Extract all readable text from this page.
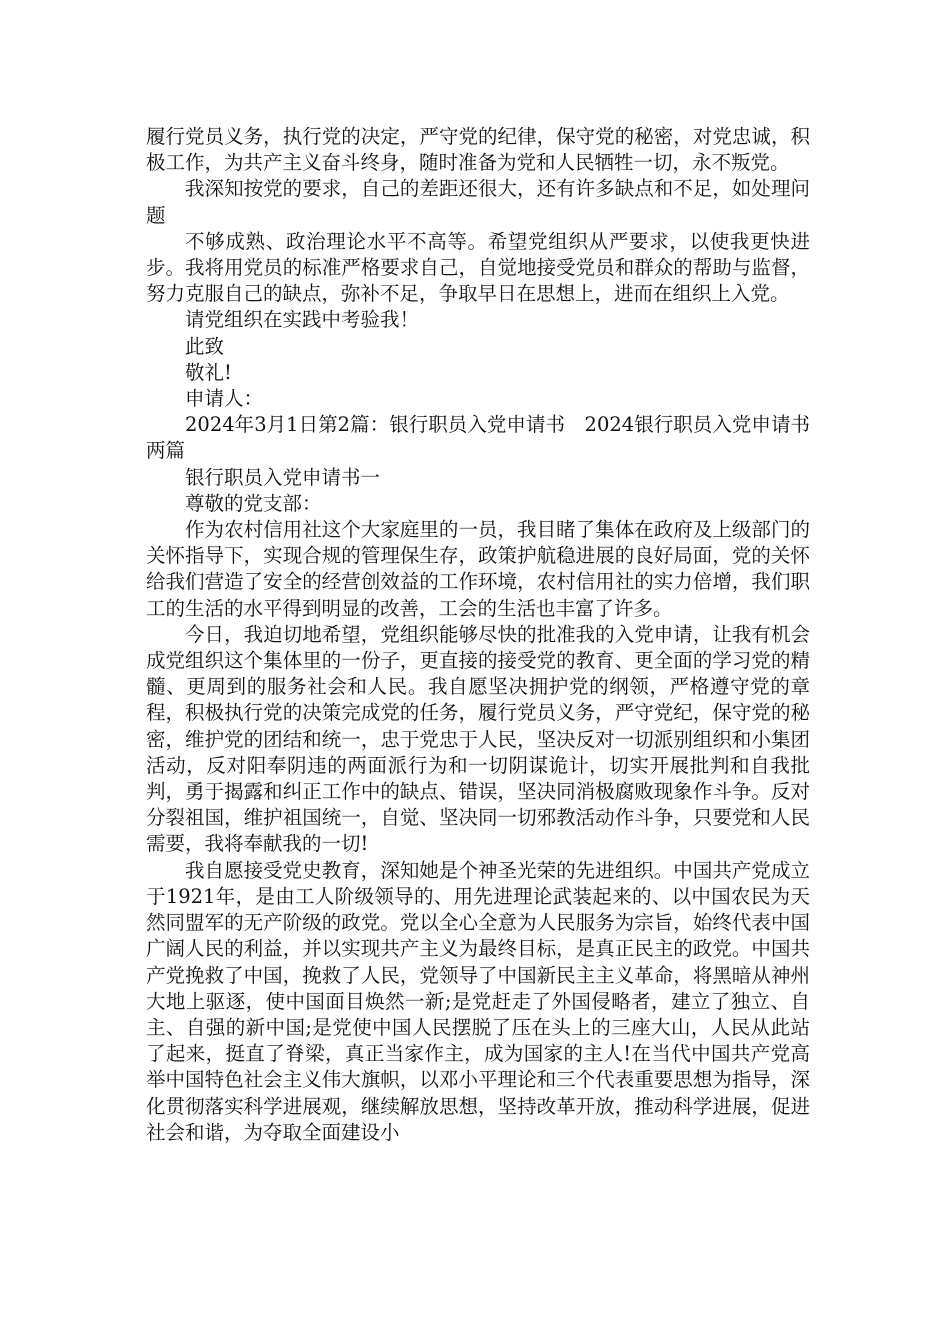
履行党员义务，执行党的决定，严守党的纪律，保守党的秘密，对党忠诚，积极工作，为共产主义奋斗终身，随时准备为党和人民牺牲一切，永不叛党。

我深知按党的要求，自己的差距还很大，还有许多缺点和不足，如处理问题

不够成熟、政治理论水平不高等。希望党组织从严要求，以使我更快进步。我将用党员的标准严格要求自己，自觉地接受党员和群众的帮助与监督，努力克服自己的缺点，弥补不足，争取早日在思想上，进而在组织上入党。

请党组织在实践中考验我！

此致

敬礼!

申请人：

2024年3月1日第2篇：银行职员入党申请书　2024银行职员入党申请书 两篇

银行职员入党申请书一

尊敬的党支部：

作为农村信用社这个大家庭里的一员，我目睹了集体在政府及上级部门的关怀指导下，实现合规的管理保生存，政策护航稳进展的良好局面，党的关怀给我们营造了安全的经营创效益的工作环境，农村信用社的实力倍增，我们职工的生活的水平得到明显的改善，工会的生活也丰富了许多。

今日，我迫切地希望，党组织能够尽快的批准我的入党申请，让我有机会成党组织这个集体里的一份子，更直接的接受党的教育、更全面的学习党的精髓、更周到的服务社会和人民。我自愿坚决拥护党的纲领，严格遵守党的章程，积极执行党的决策完成党的任务，履行党员义务，严守党纪，保守党的秘密，维护党的团结和统一，忠于党忠于人民，坚决反对一切派别组织和小集团活动，反对阳奉阴违的两面派行为和一切阴谋诡计，切实开展批判和自我批判，勇于揭露和纠正工作中的缺点、错误，坚决同消极腐败现象作斗争。反对分裂祖国，维护祖国统一，自觉、坚决同一切邪教活动作斗争，只要党和人民需要，我将奉献我的一切!

我自愿接受党史教育，深知她是个神圣光荣的先进组织。中国共产党成立于1921年，是由工人阶级领导的、用先进理论武装起来的、以中国农民为天然同盟军的无产阶级的政党。党以全心全意为人民服务为宗旨，始终代表中国广阔人民的利益，并以实现共产主义为最终目标，是真正民主的政党。中国共产党挽救了中国，挽救了人民，党领导了中国新民主主义革命，将黑暗从神州大地上驱逐，使中国面目焕然一新;是党赶走了外国侵略者，建立了独立、自主、自强的新中国;是党使中国人民摆脱了压在头上的三座大山，人民从此站了起来，挺直了脊梁，真正当家作主，成为国家的主人!在当代中国共产党高举中国特色社会主义伟大旗帜，以邓小平理论和三个代表重要思想为指导，深化贯彻落实科学进展观，继续解放思想，坚持改革开放，推动科学进展，促进社会和谐，为夺取全面建设小
